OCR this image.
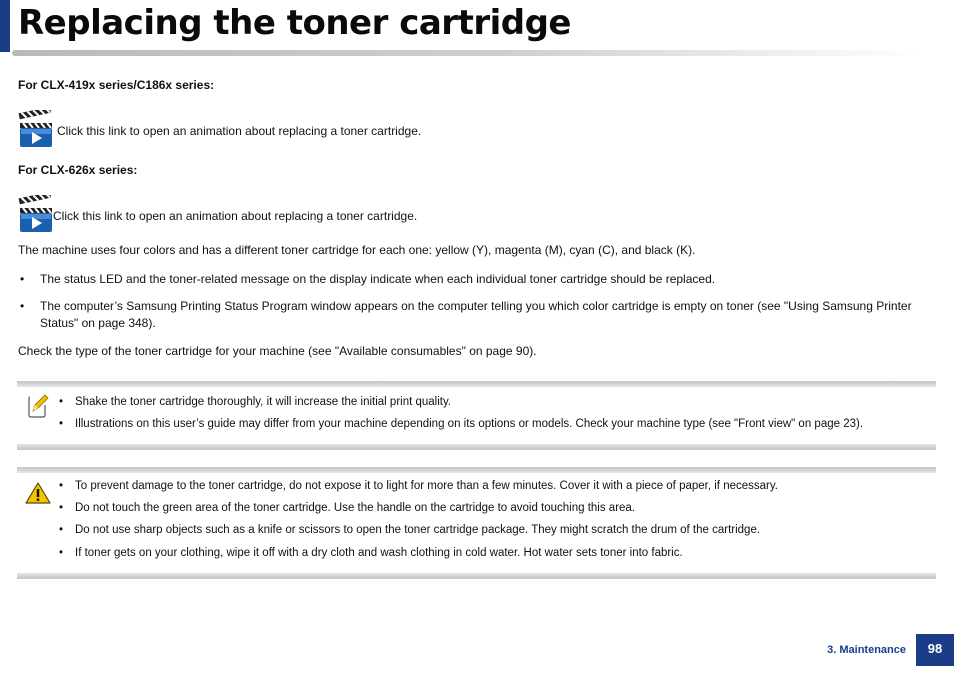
Replacing the toner cartridge

For CLX-419x series/C186x series:

Click this link to open an animation about replacing a toner cartridge.

For CLX-626x series:

Click this link to open an animation about replacing a toner cartridge.

The machine uses four colors and has a different toner cartridge for each one: yellow (Y), magenta (M), cyan (C), and black (K).

• The status LED and the toner-related message on the display indicate when each individual toner cartridge should be replaced.

• The computer’s Samsung Printing Status Program window appears on the computer telling you which color cartridge is empty on toner (see "Using Samsung Printer Status" on page 348).

Check the type of the toner cartridge for your machine (see "Available consumables" on page 90).

• Shake the toner cartridge thoroughly, it will increase the initial print quality.

• Illustrations on this user’s guide may differ from your machine depending on its options or models. Check your machine type (see "Front view" on page 23).

• To prevent damage to the toner cartridge, do not expose it to light for more than a few minutes. Cover it with a piece of paper, if necessary.

• Do not touch the green area of the toner cartridge. Use the handle on the cartridge to avoid touching this area.

• Do not use sharp objects such as a knife or scissors to open the toner cartridge package. They might scratch the drum of the cartridge.

• If toner gets on your clothing, wipe it off with a dry cloth and wash clothing in cold water. Hot water sets toner into fabric.

3. Maintenance	98
